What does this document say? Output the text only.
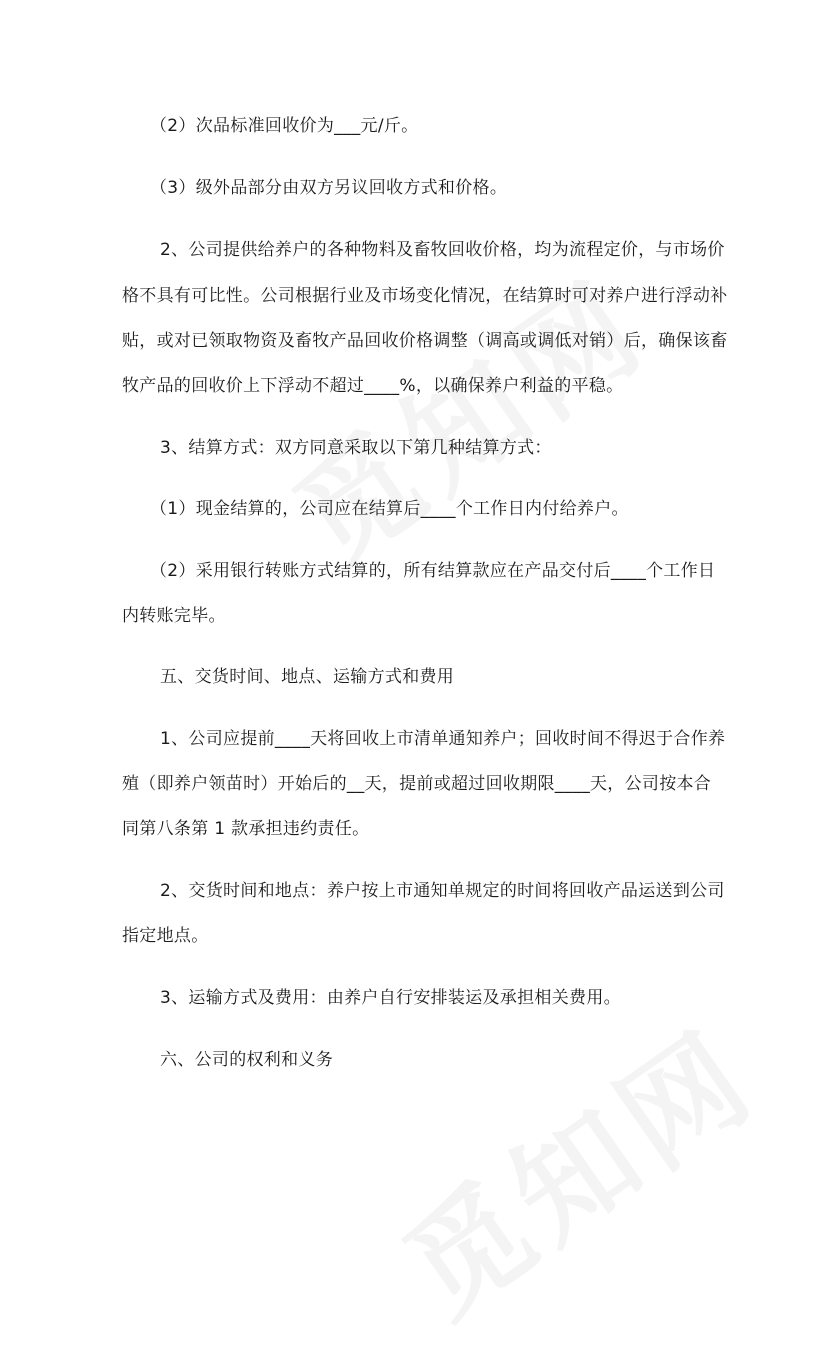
（2）次品标准回收价为___元/斤。
（3）级外品部分由双方另议回收方式和价格。
2、公司提供给养户的各种物料及畜牧回收价格，均为流程定价，与市场价
格不具有可比性。公司根据行业及市场变化情况，在结算时可对养户进行浮动补
贴，或对已领取物资及畜牧产品回收价格调整（调高或调低对销）后，确保该畜
牧产品的回收价上下浮动不超过____%，以确保养户利益的平稳。
3、结算方式：双方同意采取以下第几种结算方式：
（1）现金结算的，公司应在结算后____个工作日内付给养户。
（2）采用银行转账方式结算的，所有结算款应在产品交付后____个工作日
内转账完毕。
五、交货时间、地点、运输方式和费用
1、公司应提前____天将回收上市清单通知养户；回收时间不得迟于合作养
殖（即养户领苗时）开始后的__天，提前或超过回收期限____天，公司按本合
同第八条第 1 款承担违约责任。
2、交货时间和地点：养户按上市通知单规定的时间将回收产品运送到公司
指定地点。
3、运输方式及费用：由养户自行安排装运及承担相关费用。
六、公司的权利和义务
